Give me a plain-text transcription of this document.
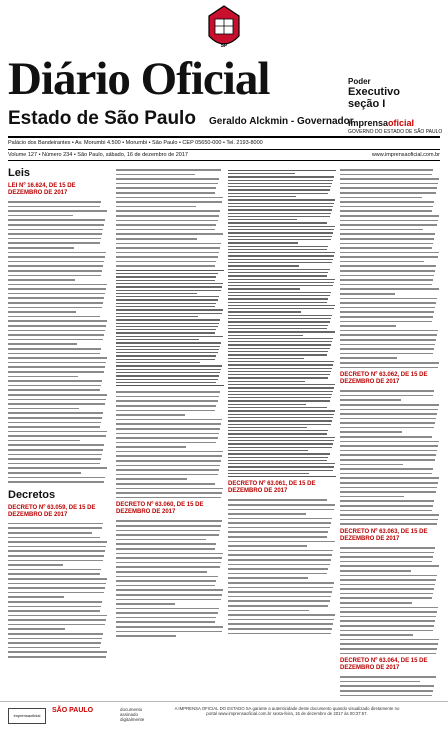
SP
Diário Oficial
Estado de São Paulo Geraldo Alckmin - Governador
Poder
Executivo
seção I
imprensaoficial
GOVERNO DO ESTADO DE SÃO PAULO
Palácio dos Bandeirantes • Av. Morumbi 4.500 • Morumbi • São Paulo • CEP 05650-000 • Tel. 2193-8000
Volume 127 • Número 234 • São Paulo, sábado, 16 de dezembro de 2017	www.imprensaoficial.com.br
Leis
LEI Nº 16.624, DE 15 DE DEZEMBRO DE 2017
Decretos
DECRETO Nº 63.059, DE 15 DE DEZEMBRO DE 2017
DECRETO Nº 63.060, DE 15 DE DEZEMBRO DE 2017
DECRETO Nº 63.061, DE 15 DE DEZEMBRO DE 2017
DECRETO Nº 63.062, DE 15 DE DEZEMBRO DE 2017
DECRETO Nº 63.063, DE 15 DE DEZEMBRO DE 2017
DECRETO Nº 63.064, DE 15 DE DEZEMBRO DE 2017
imprensaoficial
SÃO PAULO	documento assinado digitalmente
A IMPRENSA OFICIAL DO ESTADO SA garante a autenticidade deste documento quando visualizado diretamente no portal www.imprensaoficial.com.br sexta-feira, 15 de dezembro de 2017 às 00:37:57.
